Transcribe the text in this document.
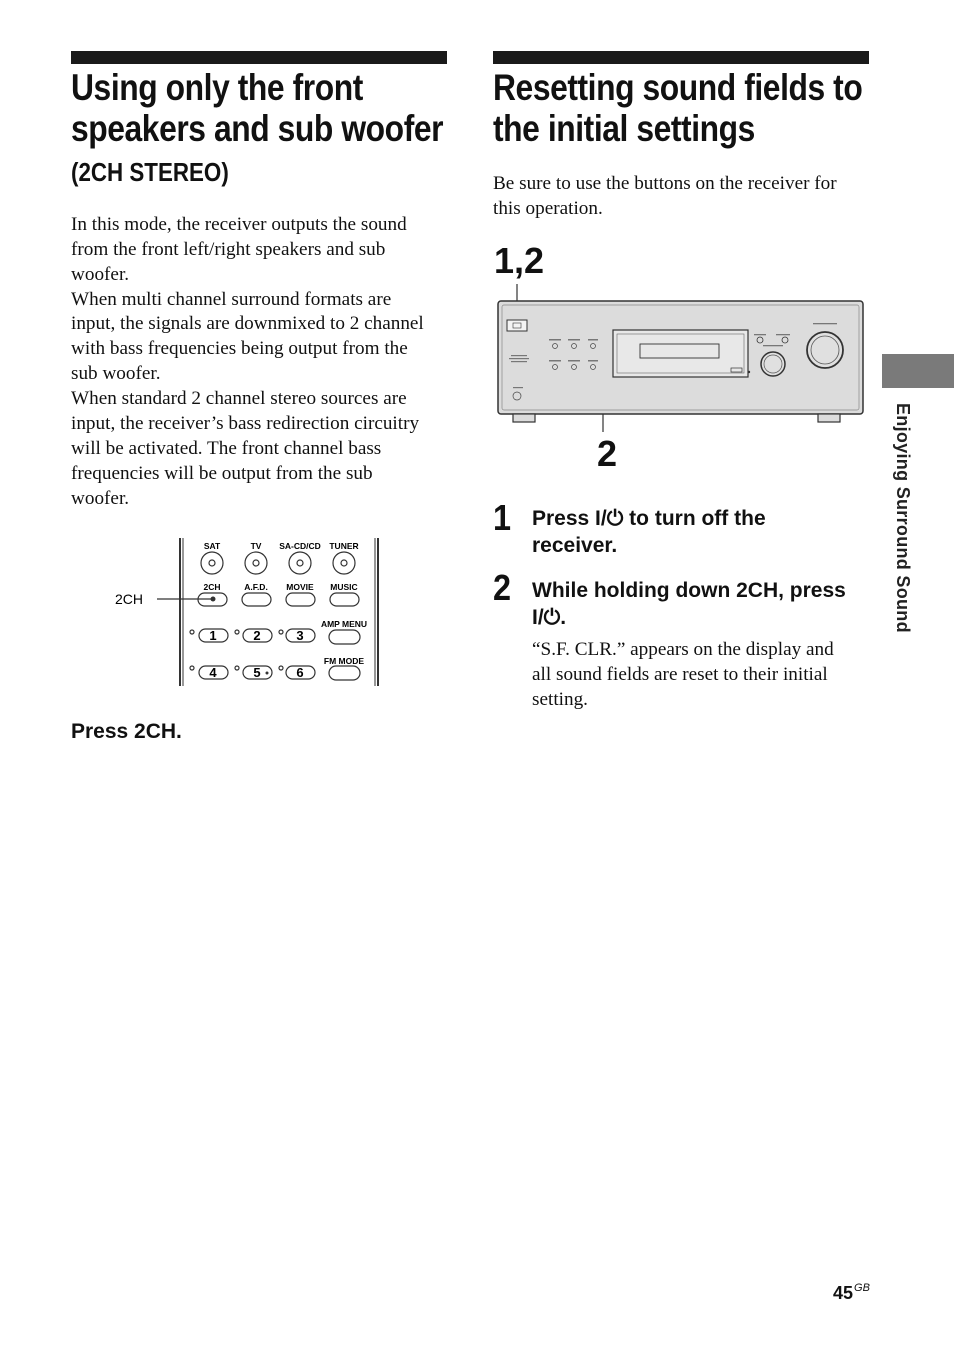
Using only the front
speakers and sub woofer
(2CH STEREO)

In this mode, the receiver outputs the sound

from the front left/right speakers and sub

woofer.

When multi channel surround formats are

input, the signals are downmixed to 2 channel

with bass frequencies being output from the

sub woofer.

When standard 2 channel stereo sources are

input, the receiver’s bass redirection circuitry

will be activated. The front channel bass

frequencies will be output from the sub

woofer.

SAT	TV SA-CD/CD TUNER
2CH	A.F.D. MOVIE MUSIC
2CH
AMP MENU
1	2	3
FM MODE
4	5	6

Press 2CH.

Resetting sound fields to
the initial settings

Be sure to use the buttons on the receiver for

this operation.

1,2

2

1 Press I/⏻ to turn off the

receiver.

2 While holding down 2CH, press

I/⏻.

“S.F. CLR.” appears on the display and

all sound fields are reset to their initial

setting.

Enjoying Surround Sound
$45^{GB}$
